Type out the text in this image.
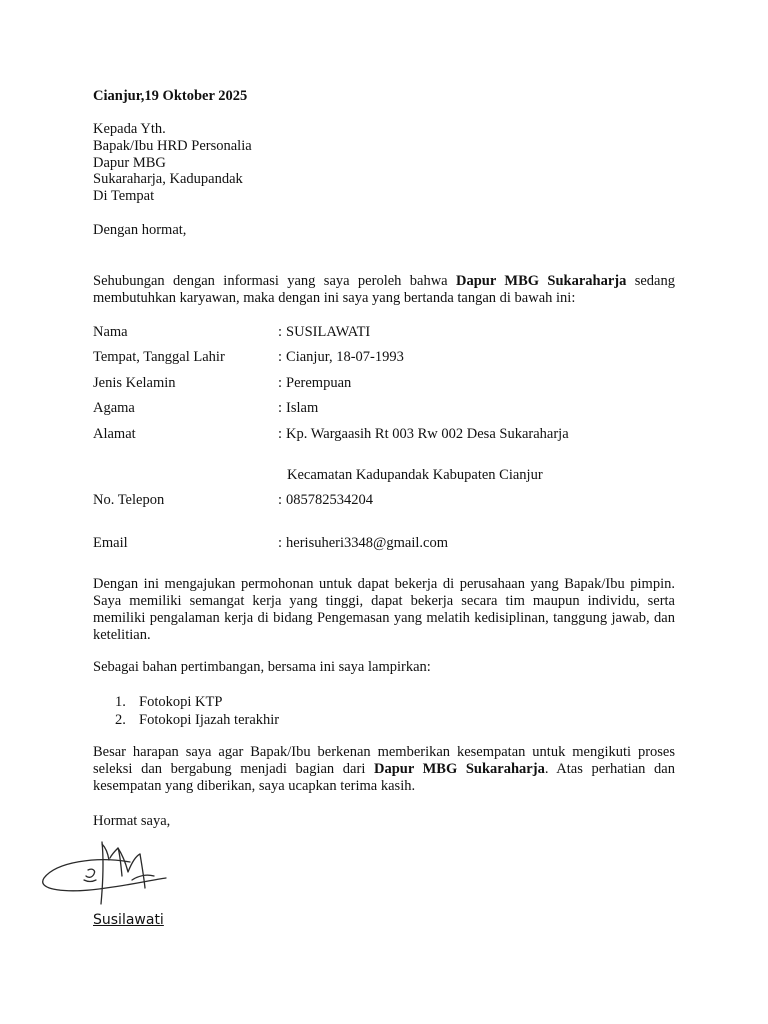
Cianjur,19 Oktober 2025
Kepada Yth.
Bapak/Ibu HRD Personalia
Dapur MBG
Sukaraharja, Kadupandak
Di Tempat
Dengan hormat,
Sehubungan dengan informasi yang saya peroleh bahwa Dapur MBG Sukaraharja sedang membutuhkan karyawan, maka dengan ini saya yang bertanda tangan di bawah ini:
Nama	: SUSILAWATI
Tempat, Tanggal Lahir	: Cianjur, 18-07-1993
Jenis Kelamin	: Perempuan
Agama	: Islam
Alamat	: Kp. Wargaasih Rt 003 Rw 002 Desa Sukaraharja
Kecamatan Kadupandak Kabupaten Cianjur
No. Telepon	: 085782534204
Email	: herisuheri3348@gmail.com
Dengan ini mengajukan permohonan untuk dapat bekerja di perusahaan yang Bapak/Ibu pimpin. Saya memiliki semangat kerja yang tinggi, dapat bekerja secara tim maupun individu, serta memiliki pengalaman kerja di bidang Pengemasan yang melatih kedisiplinan, tanggung jawab, dan ketelitian.
Sebagai bahan pertimbangan, bersama ini saya lampirkan:
1. Fotokopi KTP
2. Fotokopi Ijazah terakhir
Besar harapan saya agar Bapak/Ibu berkenan memberikan kesempatan untuk mengikuti proses seleksi dan bergabung menjadi bagian dari Dapur MBG Sukaraharja. Atas perhatian dan kesempatan yang diberikan, saya ucapkan terima kasih.
Hormat saya,
Susilawati
